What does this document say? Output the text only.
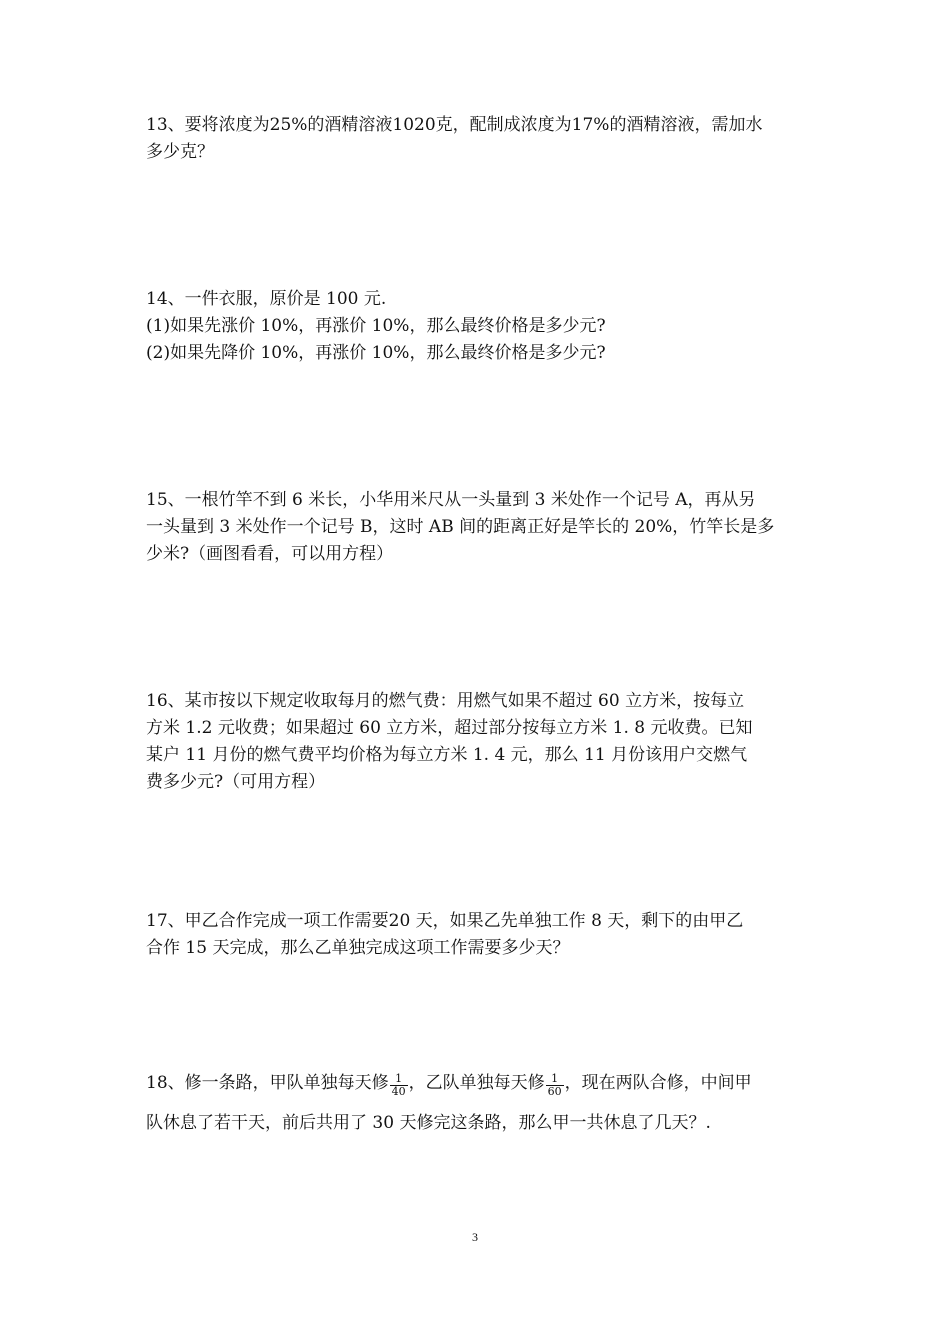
13、要将浓度为25%的酒精溶液1020克，配制成浓度为17%的酒精溶液，需加水
多少克？
14、一件衣服，原价是 100 元.
(1)如果先涨价 10%，再涨价 10%，那么最终价格是多少元?
(2)如果先降价 10%，再涨价 10%，那么最终价格是多少元?
15、一根竹竿不到 6 米长，小华用米尺从一头量到 3 米处作一个记号 A，再从另
一头量到 3 米处作一个记号 B，这时 AB 间的距离正好是竿长的 20%，竹竿长是多
少米?（画图看看，可以用方程）
16、某市按以下规定收取每月的燃气费：用燃气如果不超过 60 立方米，按每立
方米 1.2 元收费；如果超过 60 立方米，超过部分按每立方米 1. 8 元收费。已知
某户 11 月份的燃气费平均价格为每立方米 1. 4 元，那么 11 月份该用户交燃气
费多少元?（可用方程）
17、甲乙合作完成一项工作需要20 天，如果乙先单独工作 8 天，剩下的由甲乙
合作 15 天完成，那么乙单独完成这项工作需要多少天？
18、修一条路，甲队单独每天修 $\frac{1}{40}$ ，乙队单独每天修 $\frac{1}{60}$ ，现在两队合修，中间甲
队休息了若干天，前后共用了 30 天修完这条路，那么甲一共休息了几天？.
3
